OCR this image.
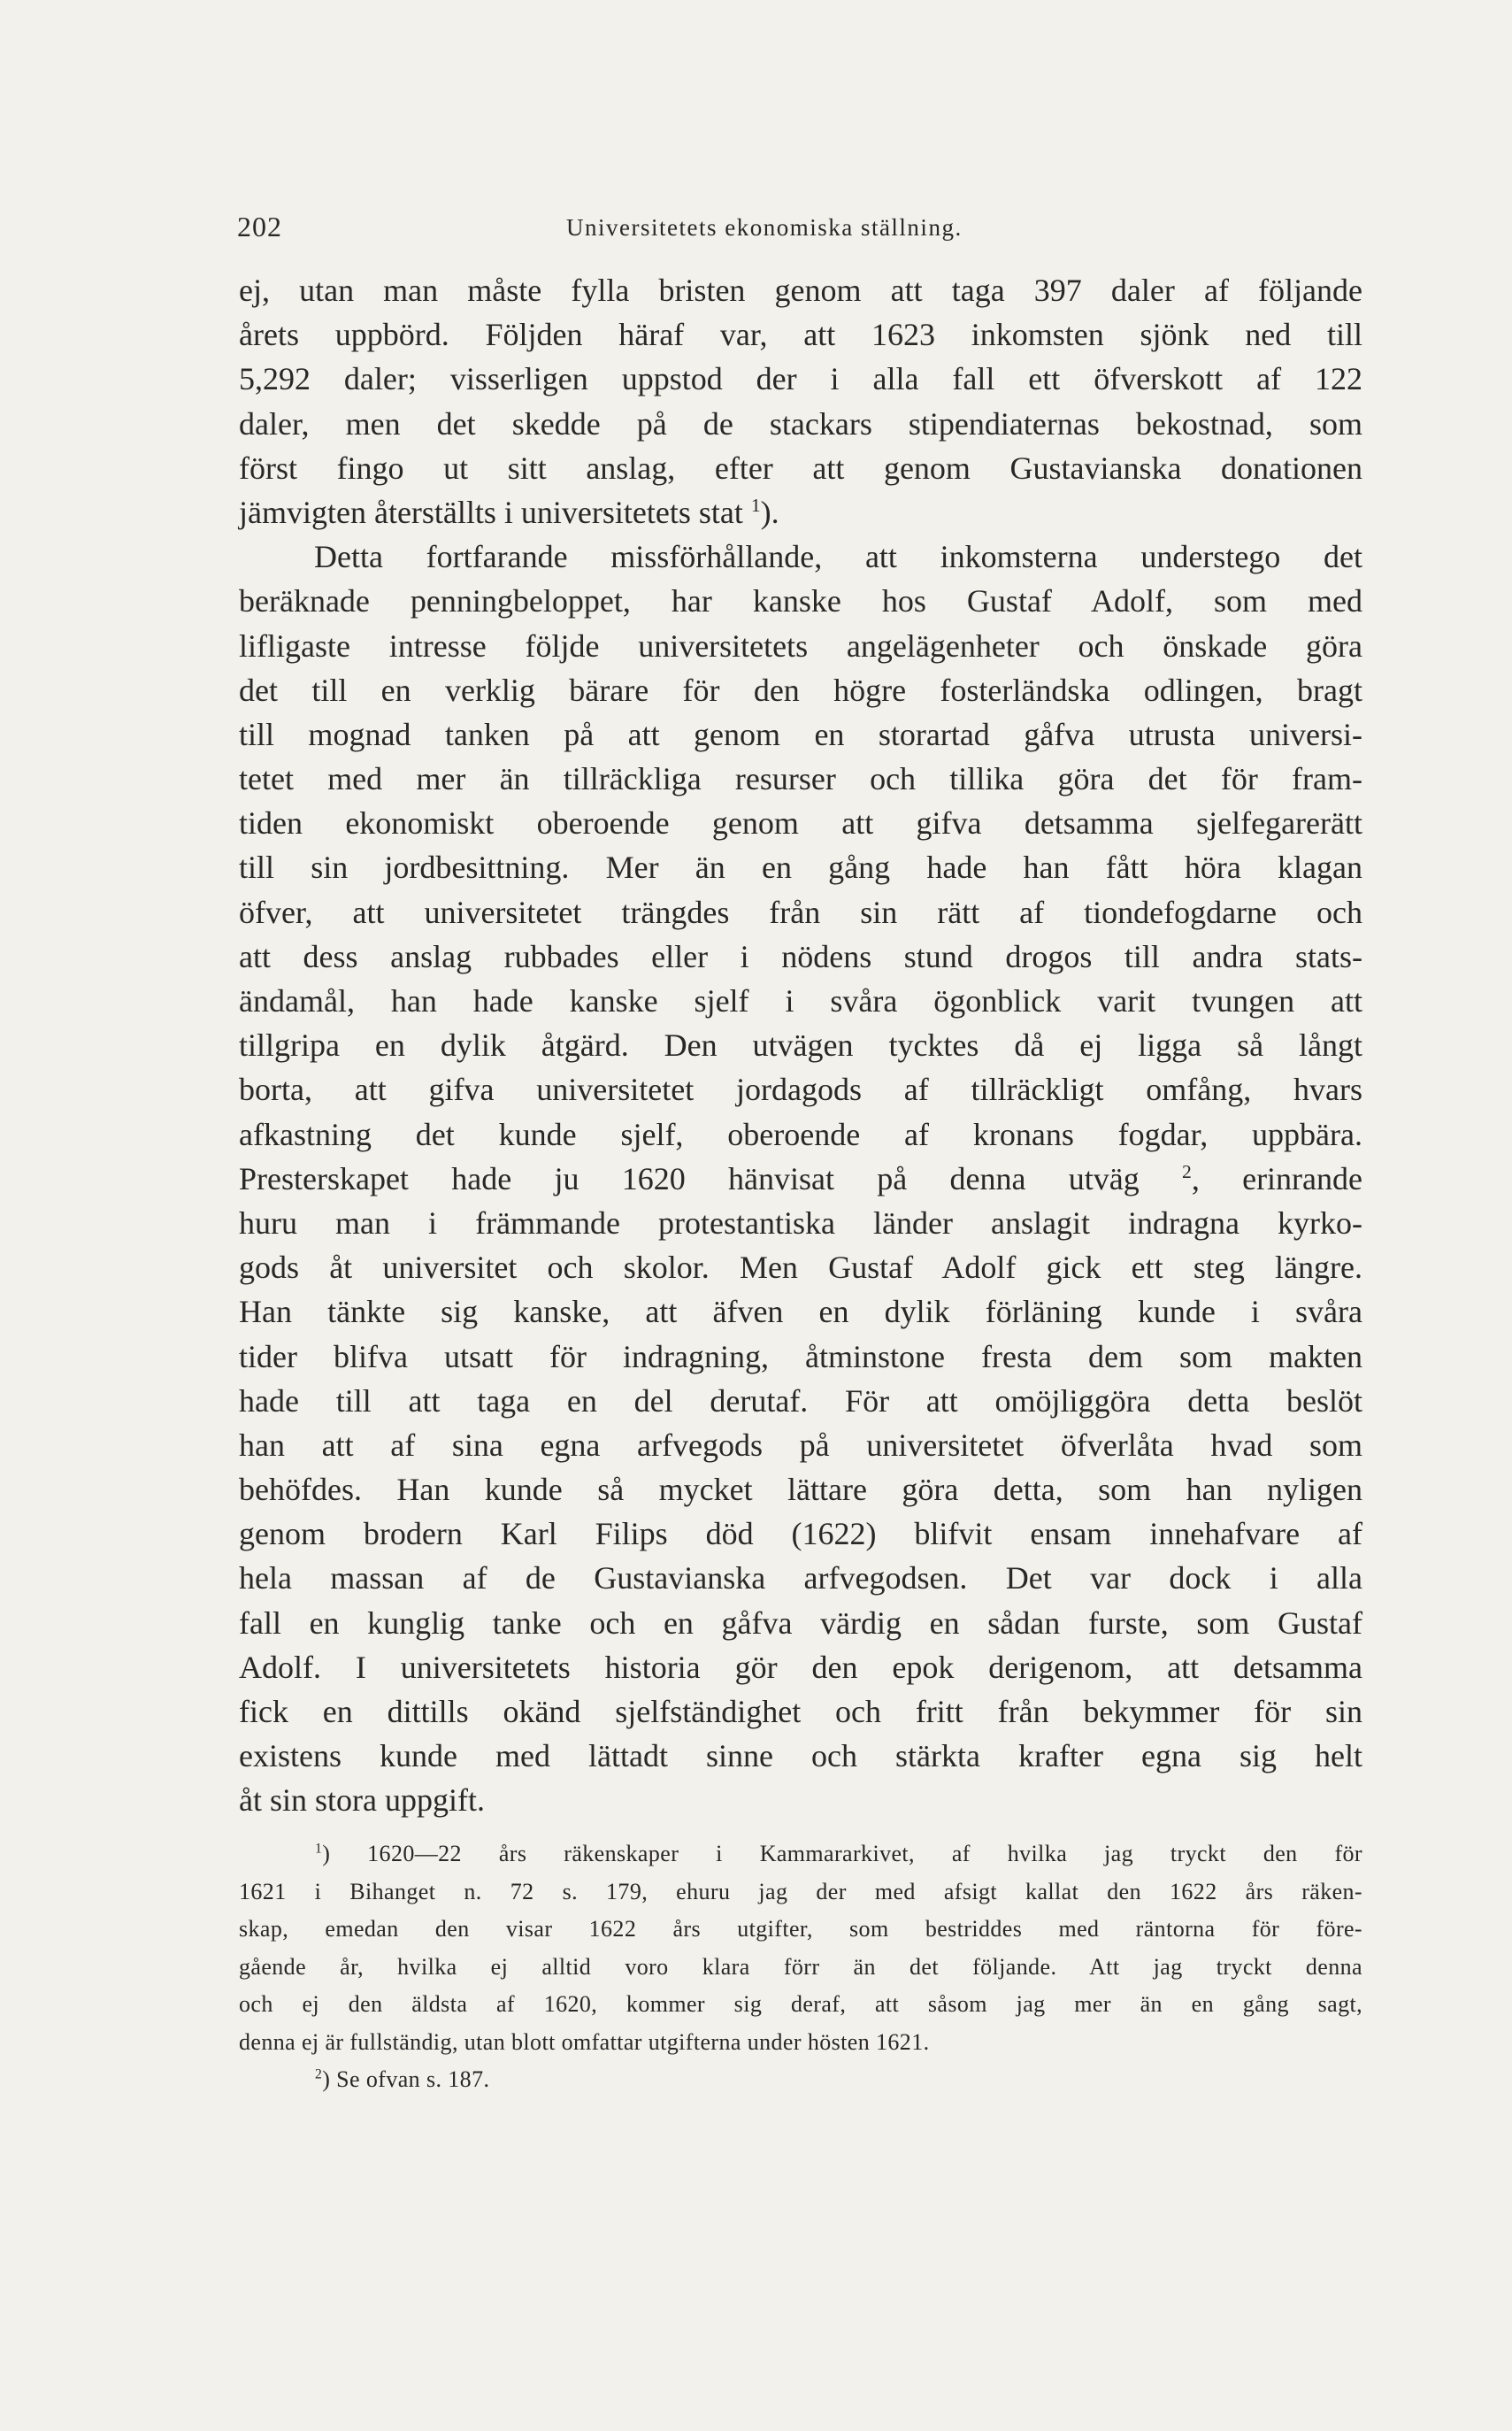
202	Universitetets ekonomiska ställning.
ej, utan man måste fylla bristen genom att taga 397 daler af följande
årets uppbörd. Följden häraf var, att 1623 inkomsten sjönk ned till
5,292 daler; visserligen uppstod der i alla fall ett öfverskott af 122
daler, men det skedde på de stackars stipendiaternas bekostnad, som
först fingo ut sitt anslag, efter att genom Gustavianska donationen
jämvigten återställts i universitetets stat $^1$).
Detta fortfarande missförhållande, att inkomsterna understego det
beräknade penningbeloppet, har kanske hos Gustaf Adolf, som med
lifligaste intresse följde universitetets angelägenheter och önskade göra
det till en verklig bärare för den högre fosterländska odlingen, bragt
till mognad tanken på att genom en storartad gåfva utrusta universi-
tetet med mer än tillräckliga resurser och tillika göra det för fram-
tiden ekonomiskt oberoende genom att gifva detsamma sjelfegarerätt
till sin jordbesittning. Mer än en gång hade han fått höra klagan
öfver, att universitetet trängdes från sin rätt af tiondefogdarne och
att dess anslag rubbades eller i nödens stund drogos till andra stats-
ändamål, han hade kanske sjelf i svåra ögonblick varit tvungen att
tillgripa en dylik åtgärd. Den utvägen tycktes då ej ligga så långt
borta, att gifva universitetet jordagods af tillräckligt omfång, hvars
afkastning det kunde sjelf, oberoende af kronans fogdar, uppbära.
Presterskapet hade ju 1620 hänvisat på denna utväg $^2$, erinrande
huru man i främmande protestantiska länder anslagit indragna kyrko-
gods åt universitet och skolor. Men Gustaf Adolf gick ett steg längre.
Han tänkte sig kanske, att äfven en dylik förläning kunde i svåra
tider blifva utsatt för indragning, åtminstone fresta dem som makten
hade till att taga en del derutaf. För att omöjliggöra detta beslöt
han att af sina egna arfvegods på universitetet öfverlåta hvad som
behöfdes. Han kunde så mycket lättare göra detta, som han nyligen
genom brodern Karl Filips död (1622) blifvit ensam innehafvare af
hela massan af de Gustavianska arfvegodsen. Det var dock i alla
fall en kunglig tanke och en gåfva värdig en sådan furste, som Gustaf
Adolf. I universitetets historia gör den epok derigenom, att detsamma
fick en dittills okänd sjelfständighet och fritt från bekymmer för sin
existens kunde med lättadt sinne och stärkta krafter egna sig helt
åt sin stora uppgift.
$^1$) 1620—22 års räkenskaper i Kammararkivet, af hvilka jag tryckt den för
1621 i Bihanget n. 72 s. 179, ehuru jag der med afsigt kallat den 1622 års räken-
skap, emedan den visar 1622 års utgifter, som bestriddes med räntorna för före-
gående år, hvilka ej alltid voro klara förr än det följande. Att jag tryckt denna
och ej den äldsta af 1620, kommer sig deraf, att såsom jag mer än en gång sagt,
denna ej är fullständig, utan blott omfattar utgifterna under hösten 1621.
$^2$) Se ofvan s. 187.
